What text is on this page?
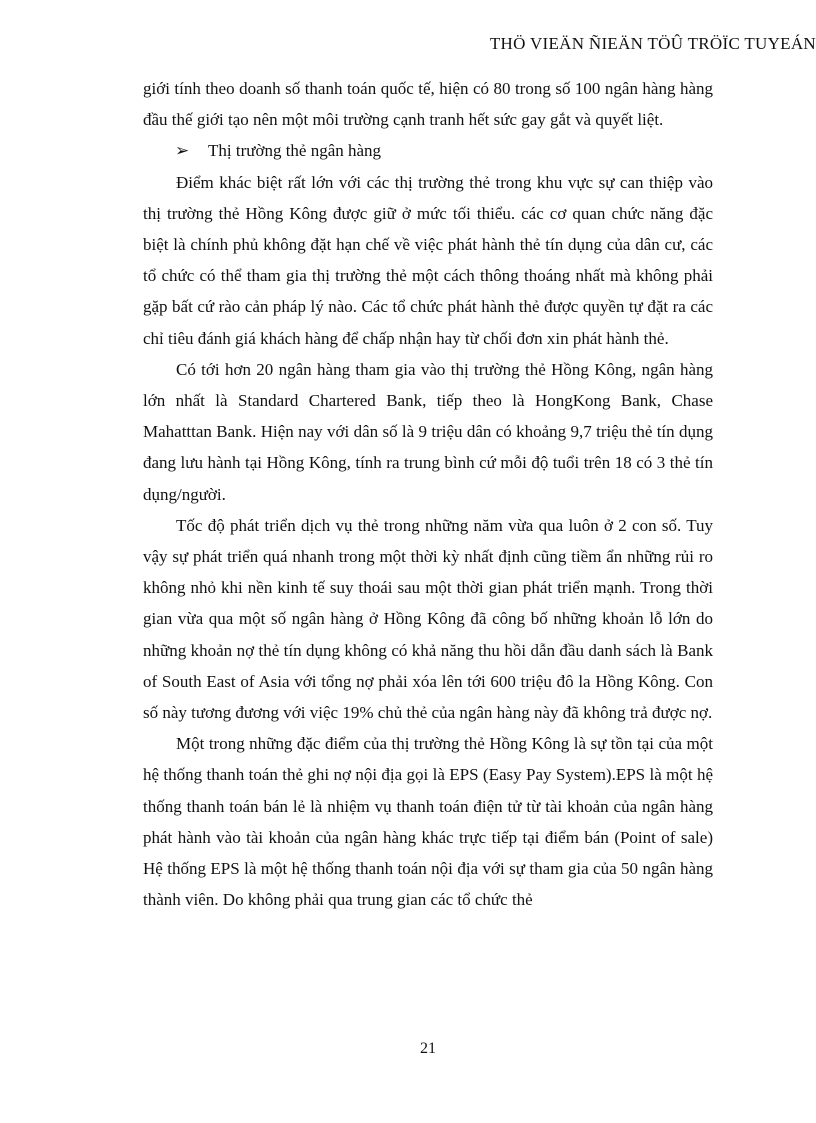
THÖ VIEÄN ÑIEÄN TÖÛ TRÖÏC TUYEÁN

giới tính theo doanh số thanh toán quốc tế, hiện có 80 trong số 100 ngân hàng hàng đầu thế giới tạo nên một môi trường cạnh tranh hết sức gay gắt và quyết liệt.

➢ Thị trường thẻ ngân hàng

Điểm khác biệt rất lớn với các thị trường thẻ trong khu vực sự can thiệp vào thị trường thẻ Hồng Kông được giữ ở mức tối thiểu. các cơ quan chức năng đặc biệt là chính phủ không đặt hạn chế về việc phát hành thẻ tín dụng của dân cư, các tổ chức có thể tham gia thị trường thẻ một cách thông thoáng nhất mà không phải gặp bất cứ rào cản pháp lý nào. Các tổ chức phát hành thẻ được quyền tự đặt ra các chỉ tiêu đánh giá khách hàng để chấp nhận hay từ chối đơn xin phát hành thẻ.

Có tới hơn 20 ngân hàng tham gia vào thị trường thẻ Hồng Kông, ngân hàng lớn nhất là Standard Chartered Bank, tiếp theo là HongKong Bank, Chase Mahatttan Bank. Hiện nay với dân số là 9 triệu dân có khoảng 9,7 triệu thẻ tín dụng đang lưu hành tại Hồng Kông, tính ra trung bình cứ mỗi độ tuổi trên 18 có 3 thẻ tín dụng/người.

Tốc độ phát triển dịch vụ thẻ trong những năm vừa qua luôn ở 2 con số. Tuy vậy sự phát triển quá nhanh trong một thời kỳ nhất định cũng tiềm ẩn những rủi ro không nhỏ khi nền kinh tế suy thoái sau một thời gian phát triển mạnh. Trong thời gian vừa qua một số ngân hàng ở Hồng Kông đã công bố những khoản lỗ lớn do những khoản nợ thẻ tín dụng không có khả năng thu hồi dẫn đầu danh sách là Bank of South East of Asia với tổng nợ phải xóa lên tới 600 triệu đô la Hồng Kông. Con số này tương đương với việc 19% chủ thẻ của ngân hàng này đã không trả được nợ.

Một trong những đặc điểm của thị trường thẻ Hồng Kông là sự tồn tại của một hệ thống thanh toán thẻ ghi nợ nội địa gọi là EPS (Easy Pay System).EPS là một hệ thống thanh toán bán lẻ là nhiệm vụ thanh toán điện tử từ tài khoản của ngân hàng phát hành vào tài khoản của ngân hàng khác trực tiếp tại điểm bán (Point of sale) Hệ thống EPS là một hệ thống thanh toán nội địa với sự tham gia của 50 ngân hàng thành viên. Do không phải qua trung gian các tổ chức thẻ

21
